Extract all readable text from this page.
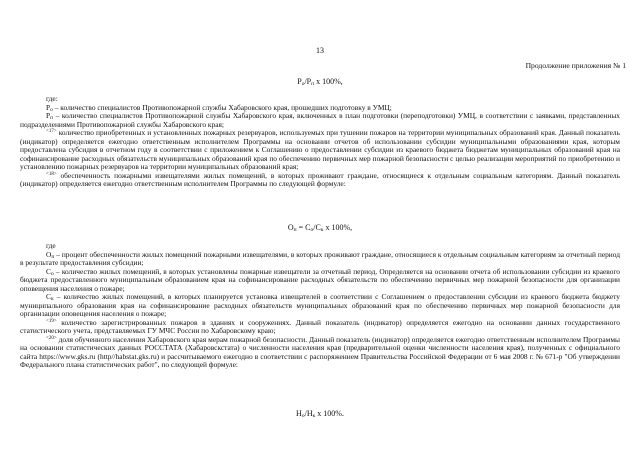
13
Продолжение приложения № 1
$P_о/P_п$ x 100%,

где:

$P_о$ – количество специалистов Противопожарной службы Хабаровского края, прошедших подготовку в УМЦ;

$P_п$ – количество специалистов Противопожарной службы Хабаровского края, включенных в план подготовки (переподготовки) УМЦ, в соответствии с заявками, представленных подразделениями Противопожарной службы Хабаровского края;

$^{<17>}$ количество приобретенных и установленных пожарных резервуаров, используемых при тушении пожаров на территории муниципальных образований края. Данный показатель (индикатор) определяется ежегодно ответственным исполнителем Программы на основании отчетов об использовании субсидии муниципальными образованиями края, которым предоставлена субсидия в отчетном году в соответствии с приложением к Соглашению о предоставлении субсидии из краевого бюджета бюджетам муниципальных образований края на софинансирование расходных обязательств муниципальных образований края по обеспечению первичных мер пожарной безопасности с целью реализации мероприятий по приобретению и установлению пожарных резервуаров на территории муниципальных образований края;

$^{<18>}$ обеспеченность пожарными извещателями жилых помещений, в которых проживают граждане, относящиеся к отдельным социальным категориям. Данный показатель (индикатор) определяется ежегодно ответственным исполнителем Программы по следующей формуле:

$O_п = C_о/C_к$ x 100%,

где

$O_п$ – процент обеспеченности жилых помещений пожарными извещателями, в которых проживают граждане, относящиеся к отдельным социальным категориям за отчетный период в результате предоставления субсидии;

$C_о$ – количество жилых помещений, в которых установлены пожарные извещатели за отчетный период. Определяется на основании отчета об использовании субсидии из краевого бюджета предоставленного муниципальным образованием края на софинансирование расходных обязательств по обеспечению первичных мер пожарной безопасности для организации оповещения населения о пожаре;

$C_к$ – количество жилых помещений, в которых планируется установка извещателей в соответствии с Соглашением о предоставлении субсидии из краевого бюджета бюджету муниципального образования края на софинансирование расходных обязательств муниципальных образований края по обеспечению первичных мер пожарной безопасности для организации оповещения населения о пожаре;

$^{<19>}$ количество зарегистрированных пожаров в зданиях и сооружениях. Данный показатель (индикатор) определяется ежегодно на основании данных государственного статистического учета, представляемых ГУ МЧС России по Хабаровскому краю;

$^{<20>}$ доля обученного населения Хабаровского края мерам пожарной безопасности. Данный показатель (индикатор) определяется ежегодно ответственным исполнителем Программы на основании статистических данных РОССТАТА (Хабаровскстата) о численности населения края (предварительной оценки численности населения края), полученных с официального сайта https://www.gks.ru (http//habstat.gks.ru) и рассчитываемого ежегодно в соответствии с распоряжением Правительства Российской Федерации от 6 мая 2008 г. № 671-р "Об утверждении Федерального плана статистических работ", по следующей формуле:

$H_о/H_к$ x 100%.
